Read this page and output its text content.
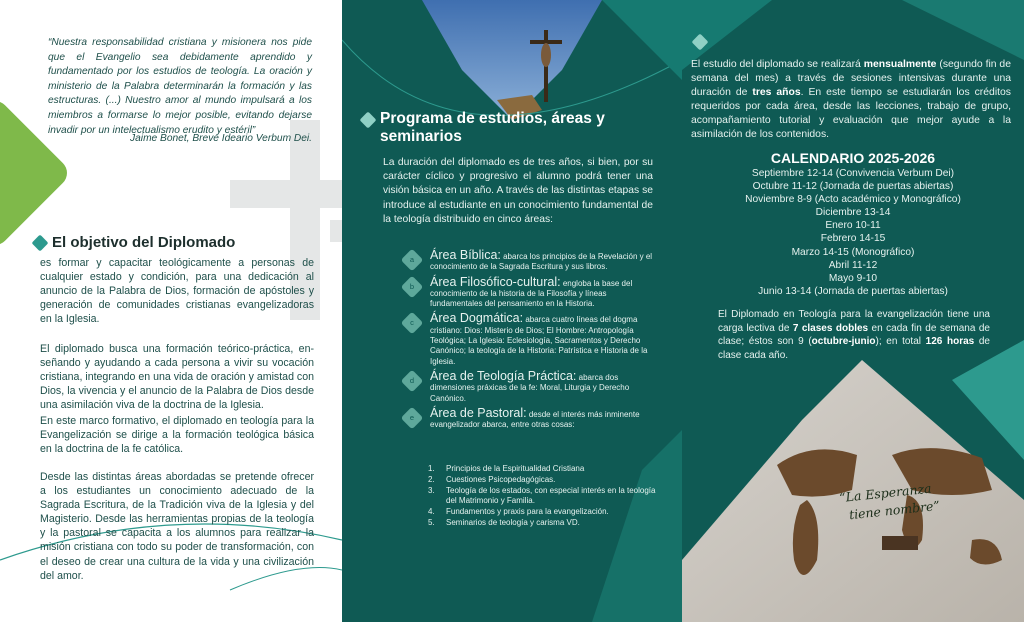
“Nuestra responsabilidad cristiana y misionera nos pide que el Evangelio sea debidamente aprendido y fundamentado por los estudios de teología. La oración y ministerio de la Palabra determinarán la formación y las estructuras. (...) Nuestro amor al mundo impulsará a los miembros a formarse lo mejor posible, evitando dejarse invadir por un intelectualismo erudito y estéril”

Jaime Bonet, Breve Ideario Verbum Dei.

El objetivo del Diplomado

es formar y capacitar teológicamente a personas de cualquier estado y condición, para una dedicación al anuncio de la Palabra de Dios, formación de apóstoles y generación de comunidades cristianas evangelizadoras en la Iglesia.

El diplomado busca una formación teórico-práctica, en-señando y ayudando a cada persona a vivir su vocación cristiana, integrando en una vida de oración y amistad con Dios, la vivencia y el anuncio de la Palabra de Dios desde una asimilación viva de la doctrina de la Iglesia.

En este marco formativo, el diplomado en teología para la Evangelización se dirige a la formación teológica básica en la doctrina de la fe católica.

Desde las distintas áreas abordadas se pretende ofrecer a los estudiantes un conocimiento adecuado de la Sagrada Escritura, de la Tradición viva de la Iglesia y del Magisterio. Desde las herramientas propias de la teología y la pastoral se capacita a los alumnos para realizar la misión cristiana con todo su poder de transformación, con el deseo de crear una cultura de la vida y una civilización del amor.

Programa de estudios, áreas y seminarios

La duración del diplomado es de tres años, si bien, por su carácter cíclico y progresivo el alumno podrá tener una visión básica en un año. A través de las distintas etapas se introduce al estudiante en un conocimiento fundamental de la teología distribuido en cinco áreas:

a	Área Bíblica: abarca los principios de la Revelación y el conocimiento de la Sagrada Escritura y sus libros.
b	Área Filosófico-cultural: engloba la base del conocimiento de la historia de la Filosofía y líneas fundamentales del pensamiento en la Historia.
c	Área Dogmática: abarca cuatro líneas del dogma cristiano: Dios: Misterio de Dios; El Hombre: Antropología Teológica; La Iglesia: Eclesiología, Sacramentos y Derecho Canónico; la teología de la Historia: Patrística e Historia de la Iglesia.
d	Área de Teología Práctica: abarca dos dimensiones práxicas de la fe: Moral, Liturgia y Derecho Canónico.
e	Área de Pastoral: desde el interés más inminente evangelizador abarca, entre otras cosas:
1.	Principios de la Espiritualidad Cristiana
2.	Cuestiones Psicopedagógicas.
3.	Teología de los estados, con especial interés en la teología del Matrimonio y Familia.
4.	Fundamentos y praxis para la evangelización.
5.	Seminarios de teología y carisma VD.

El estudio del diplomado se realizará mensualmente (segundo fin de semana del mes) a través de sesiones intensivas durante una duración de tres años. En este tiempo se estudiarán los créditos requeridos por cada área, desde las lecciones, trabajo de grupo, acompañamiento tutorial y evaluación que mejor ayude a la asimilación de los contenidos.

CALENDARIO 2025-2026
Septiembre 12-14 (Convivencia Verbum Dei)
Octubre 11-12 (Jornada de puertas abiertas)
Noviembre 8-9 (Acto académico y Monográfico)
Diciembre 13-14
Enero 10-11
Febrero 14-15
Marzo 14-15 (Monográfico)
Abril 11-12
Mayo 9-10
Junio 13-14 (Jornada de puertas abiertas)

El Diplomado en Teología para la evangelización tiene una carga lectiva de 7 clases dobles en cada fin de semana de clase; éstos son 9 (octubre-junio); en total 126 horas de clase cada año.

“La Esperanza
tiene nombre”
